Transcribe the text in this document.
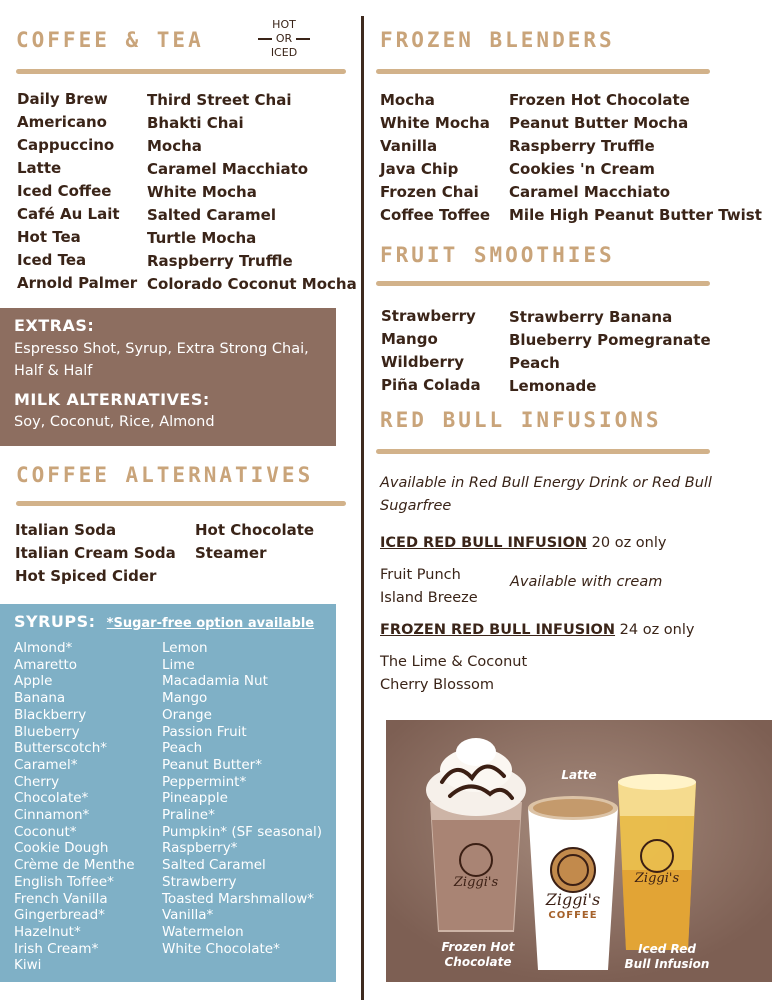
COFFEE & TEA
HOT
OR
ICED
Daily Brew
Americano
Cappuccino
Latte
Iced Coffee
Café Au Lait
Hot Tea
Iced Tea
Arnold Palmer
Third Street Chai
Bhakti Chai
Mocha
Caramel Macchiato
White Mocha
Salted Caramel
Turtle Mocha
Raspberry Truffle
Colorado Coconut Mocha
EXTRAS:
Espresso Shot, Syrup, Extra Strong Chai, Half & Half
MILK ALTERNATIVES:
Soy, Coconut, Rice, Almond
COFFEE ALTERNATIVES
Italian Soda
Italian Cream Soda
Hot Spiced Cider
Hot Chocolate
Steamer
SYRUPS: *Sugar-free option available
Almond*
Amaretto
Apple
Banana
Blackberry
Blueberry
Butterscotch*
Caramel*
Cherry
Chocolate*
Cinnamon*
Coconut*
Cookie Dough
Crème de Menthe
English Toffee*
French Vanilla
Gingerbread*
Hazelnut*
Irish Cream*
Kiwi
Lemon
Lime
Macadamia Nut
Mango
Orange
Passion Fruit
Peach
Peanut Butter*
Peppermint*
Pineapple
Praline*
Pumpkin* (SF seasonal)
Raspberry*
Salted Caramel
Strawberry
Toasted Marshmallow*
Vanilla*
Watermelon
White Chocolate*
FROZEN BLENDERS
Mocha
White Mocha
Vanilla
Java Chip
Frozen Chai
Coffee Toffee
Frozen Hot Chocolate
Peanut Butter Mocha
Raspberry Truffle
Cookies 'n Cream
Caramel Macchiato
Mile High Peanut Butter Twist
FRUIT SMOOTHIES
Strawberry
Mango
Wildberry
Piña Colada
Strawberry Banana
Blueberry Pomegranate
Peach
Lemonade
RED BULL INFUSIONS
Available in Red Bull Energy Drink or Red Bull Sugarfree
ICED RED BULL INFUSION 20 oz only
Fruit Punch
Island Breeze
Available with cream
FROZEN RED BULL INFUSION 24 oz only
The Lime & Coconut
Cherry Blossom
Ziggi's	Ziggi's
Latte
Ziggi's
COFFEE
Frozen Hot Chocolate
Iced Red Bull Infusion
